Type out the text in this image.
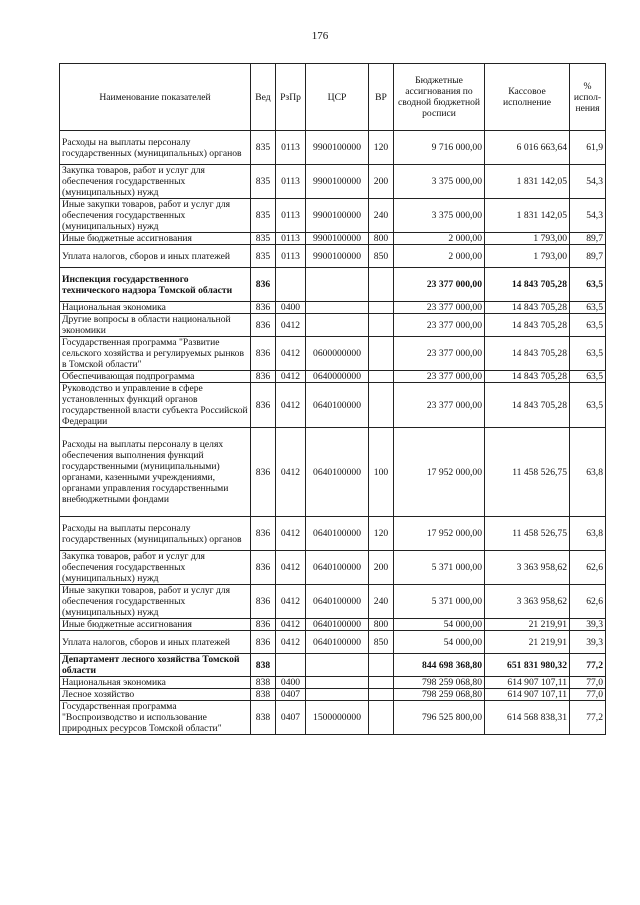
176
Наименование показателей	Вед	РзПр	ЦСР	ВР	Бюджетные ассигнования по сводной бюджетной росписи	Кассовое исполнение	% испол-нения
Расходы на выплаты персоналу государственных (муниципальных) органов	835	0113	9900100000	120	9 716 000,00	6 016 663,64	61,9
Закупка товаров, работ и услуг для обеспечения государственных (муниципальных) нужд	835	0113	9900100000	200	3 375 000,00	1 831 142,05	54,3
Иные закупки товаров, работ и услуг для обеспечения государственных (муниципальных) нужд	835	0113	9900100000	240	3 375 000,00	1 831 142,05	54,3
Иные бюджетные ассигнования	835	0113	9900100000	800	2 000,00	1 793,00	89,7
Уплата налогов, сборов и иных платежей	835	0113	9900100000	850	2 000,00	1 793,00	89,7
Инспекция государственного технического надзора Томской области	836				23 377 000,00	14 843 705,28	63,5
Национальная экономика	836	0400			23 377 000,00	14 843 705,28	63,5
Другие вопросы в области национальной экономики	836	0412			23 377 000,00	14 843 705,28	63,5
Государственная программа "Развитие сельского хозяйства и регулируемых рынков в Томской области"	836	0412	0600000000		23 377 000,00	14 843 705,28	63,5
Обеспечивающая подпрограмма	836	0412	0640000000		23 377 000,00	14 843 705,28	63,5
Руководство и управление в сфере установленных функций органов государственной власти субъекта Российской Федерации	836	0412	0640100000		23 377 000,00	14 843 705,28	63,5
Расходы на выплаты персоналу в целях обеспечения выполнения функций государственными (муниципальными) органами, казенными учреждениями, органами управления государственными внебюджетными фондами	836	0412	0640100000	100	17 952 000,00	11 458 526,75	63,8
Расходы на выплаты персоналу государственных (муниципальных) органов	836	0412	0640100000	120	17 952 000,00	11 458 526,75	63,8
Закупка товаров, работ и услуг для обеспечения государственных (муниципальных) нужд	836	0412	0640100000	200	5 371 000,00	3 363 958,62	62,6
Иные закупки товаров, работ и услуг для обеспечения государственных (муниципальных) нужд	836	0412	0640100000	240	5 371 000,00	3 363 958,62	62,6
Иные бюджетные ассигнования	836	0412	0640100000	800	54 000,00	21 219,91	39,3
Уплата налогов, сборов и иных платежей	836	0412	0640100000	850	54 000,00	21 219,91	39,3
Департамент лесного хозяйства Томской области	838				844 698 368,80	651 831 980,32	77,2
Национальная экономика	838	0400			798 259 068,80	614 907 107,11	77,0
Лесное хозяйство	838	0407			798 259 068,80	614 907 107,11	77,0
Государственная программа "Воспроизводство и использование природных ресурсов Томской области"	838	0407	1500000000		796 525 800,00	614 568 838,31	77,2
